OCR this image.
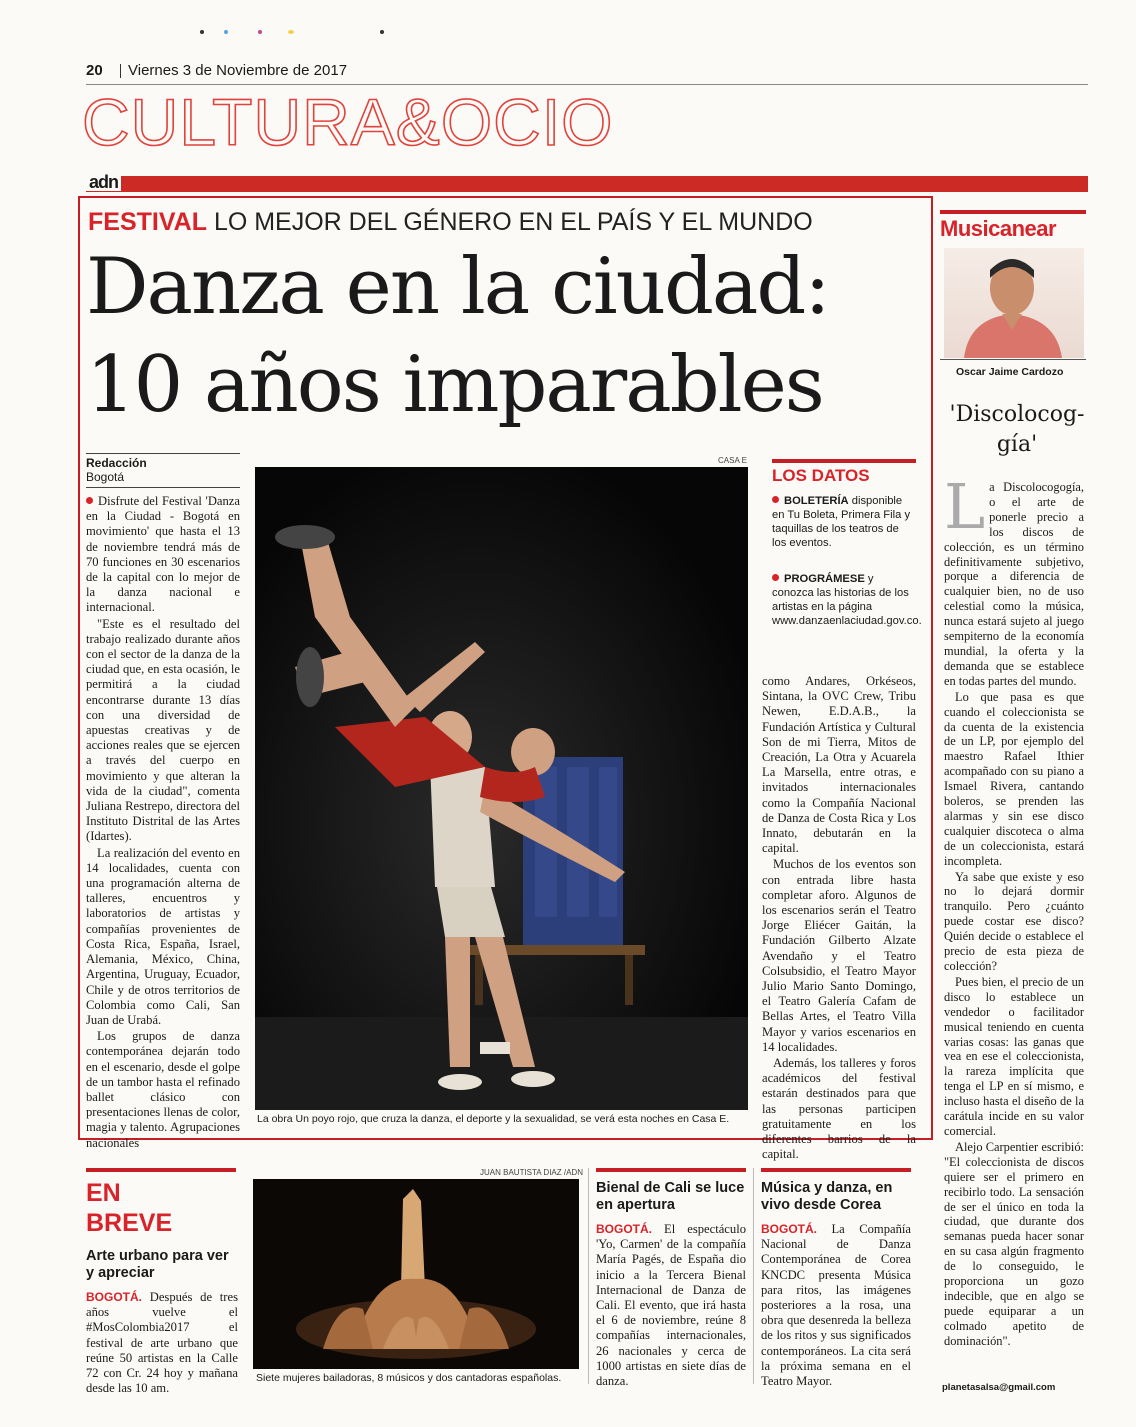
20 Viernes 3 de Noviembre de 2017
CULTURA&OCIO
adn
FESTIVAL LO MEJOR DEL GÉNERO EN EL PAÍS Y EL MUNDO
Danza en la ciudad:
10 años imparables
Redacción
Bogotá

Disfrute del Festival 'Danza en la Ciudad - Bogotá en movimiento' que hasta el 13 de noviembre tendrá más de 70 funciones en 30 escenarios de la capital con lo mejor de la danza nacional e internacional.

"Este es el resultado del trabajo realizado durante años con el sector de la danza de la ciudad que, en esta ocasión, le permitirá a la ciudad encontrarse durante 13 días con una diversidad de apuestas creativas y de acciones reales que se ejercen a través del cuerpo en movimiento y que alteran la vida de la ciudad", comenta Juliana Restrepo, directora del Instituto Distrital de las Artes (Idartes).

La realización del evento en 14 localidades, cuenta con una programación alterna de talleres, encuentros y laboratorios de artistas y compañías provenientes de Costa Rica, España, Israel, Alemania, México, China, Argentina, Uruguay, Ecuador, Chile y de otros territorios de Colombia como Cali, San Juan de Urabá.

Los grupos de danza contemporánea dejarán todo en el escenario, desde el golpe de un tambor hasta el refinado ballet clásico con presentaciones llenas de color, magia y talento. Agrupaciones nacionales

CASA E
La obra Un poyo rojo, que cruza la danza, el deporte y la sexualidad, se verá esta noches en Casa E.
LOS DATOS
BOLETERÍA disponible en Tu Boleta, Primera Fila y taquillas de los teatros de los eventos.
PROGRÁMESE y conozca las historias de los artistas en la página www.danzaenlaciudad.gov.co.

como Andares, Orkéseos, Sintana, la OVC Crew, Tribu Newen, E.D.A.B., la Fundación Artística y Cultural Son de mi Tierra, Mitos de Creación, La Otra y Acuarela La Marsella, entre otras, e invitados internacionales como la Compañía Nacional de Danza de Costa Rica y Los Innato, debutarán en la capital.

Muchos de los eventos son con entrada libre hasta completar aforo. Algunos de los escenarios serán el Teatro Jorge Eliécer Gaitán, la Fundación Gilberto Alzate Avendaño y el Teatro Colsubsidio, el Teatro Mayor Julio Mario Santo Domingo, el Teatro Galería Cafam de Bellas Artes, el Teatro Villa Mayor y varios escenarios en 14 localidades.

Además, los talleres y foros académicos del festival estarán destinados para que las personas participen gratuitamente en los diferentes barrios de la capital.

Musicanear
Oscar Jaime Cardozo
'Discolocog-
gía'

La Discolocogogía, o el arte de ponerle precio a los discos de colección, es un término definitivamente subjetivo, porque a diferencia de cualquier bien, no de uso celestial como la música, nunca estará sujeto al juego sempiterno de la economía mundial, la oferta y la demanda que se establece en todas partes del mundo.

Lo que pasa es que cuando el coleccionista se da cuenta de la existencia de un LP, por ejemplo del maestro Rafael Ithier acompañado con su piano a Ismael Rivera, cantando boleros, se prenden las alarmas y sin ese disco cualquier discoteca o alma de un coleccionista, estará incompleta.

Ya sabe que existe y eso no lo dejará dormir tranquilo. Pero ¿cuánto puede costar ese disco? Quién decide o establece el precio de esta pieza de colección?

Pues bien, el precio de un disco lo establece un vendedor o facilitador musical teniendo en cuenta varias cosas: las ganas que vea en ese el coleccionista, la rareza implícita que tenga el LP en sí mismo, e incluso hasta el diseño de la carátula incide en su valor comercial.

Alejo Carpentier escribió: "El coleccionista de discos quiere ser el primero en recibirlo todo. La sensación de ser el único en toda la ciudad, que durante dos semanas pueda hacer sonar en su casa algún fragmento de lo conseguido, le proporciona un gozo indecible, que en algo se puede equiparar a un colmado apetito de dominación".

planetasalsa@gmail.com
EN
BREVE
Arte urbano para ver y apreciar

BOGOTÁ. Después de tres años vuelve el #MosColombia2017 el festival de arte urbano que reúne 50 artistas en la Calle 72 con Cr. 24 hoy y mañana desde las 10 am.

JUAN BAUTISTA DIAZ /ADN
Siete mujeres bailadoras, 8 músicos y dos cantadoras españolas.
Bienal de Cali se luce en apertura

BOGOTÁ. El espectáculo 'Yo, Carmen' de la compañía María Pagés, de España dio inicio a la Tercera Bienal Internacional de Danza de Cali. El evento, que irá hasta el 6 de noviembre, reúne 8 compañías internacionales, 26 nacionales y cerca de 1000 artistas en siete días de danza.

Música y danza, en vivo desde Corea

BOGOTÁ. La Compañía Nacional de Danza Contemporánea de Corea KNCDC presenta Música para ritos, las imágenes posteriores a la rosa, una obra que desenreda la belleza de los ritos y sus significados contemporáneos. La cita será la próxima semana en el Teatro Mayor.
